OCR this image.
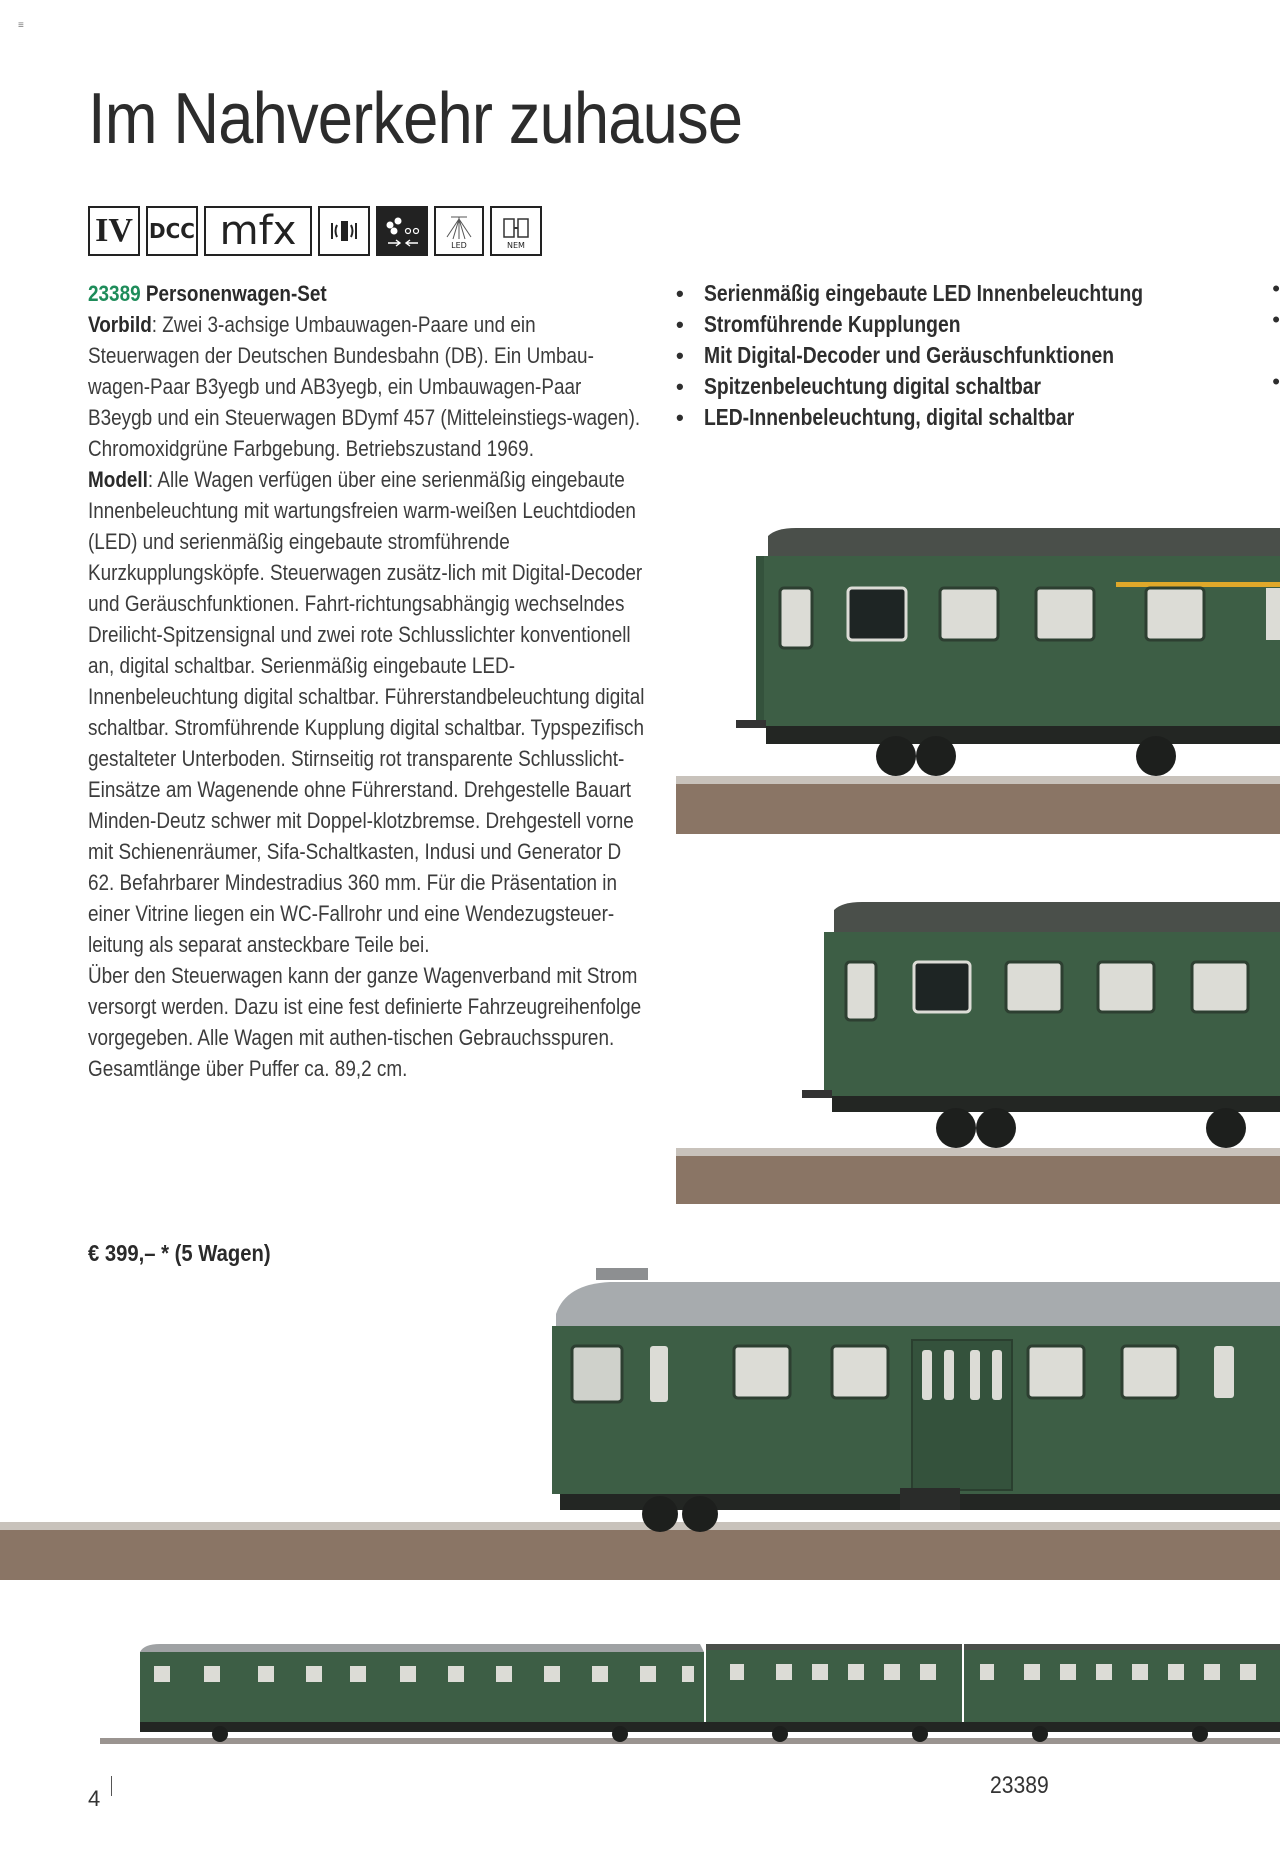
≡
Im Nahverkehr zuhause
IV DCC mfx	LED	NEM

23389 Personenwagen-Set

Vorbild: Zwei 3-achsige Umbauwagen-Paare und ein Steuerwagen der Deutschen Bundesbahn (DB). Ein Umbau-wagen-Paar B3yegb und AB3yegb, ein Umbauwagen-Paar B3eygb und ein Steuerwagen BDymf 457 (Mitteleinstiegs-wagen). Chromoxidgrüne Farbgebung. Betriebszustand 1969.

Modell: Alle Wagen verfügen über eine serienmäßig eingebaute Innenbeleuchtung mit wartungsfreien warm-weißen Leuchtdioden (LED) und serienmäßig eingebaute stromführende Kurzkupplungsköpfe. Steuerwagen zusätz-lich mit Digital-Decoder und Geräuschfunktionen. Fahrt-richtungsabhängig wechselndes Dreilicht-Spitzensignal und zwei rote Schlusslichter konventionell an, digital schaltbar. Serienmäßig eingebaute LED-Innenbeleuchtung digital schaltbar. Führerstandbeleuchtung digital schaltbar. Stromführende Kupplung digital schaltbar. Typspezifisch gestalteter Unterboden. Stirnseitig rot transparente Schlusslicht-Einsätze am Wagenende ohne Führerstand. Drehgestelle Bauart Minden-Deutz schwer mit Doppel-klotzbremse. Drehgestell vorne mit Schienenräumer, Sifa-Schaltkasten, Indusi und Generator D 62. Befahrbarer Mindestradius 360 mm. Für die Präsentation in einer Vitrine liegen ein WC-Fallrohr und eine Wendezugsteuer-leitung als separat ansteckbare Teile bei.

Über den Steuerwagen kann der ganze Wagenverband mit Strom versorgt werden. Dazu ist eine fest definierte Fahrzeugreihenfolge vorgegeben. Alle Wagen mit authen-tischen Gebrauchsspuren.

Gesamtlänge über Puffer ca. 89,2 cm.

€ 399,– * (5 Wagen)
• Serienmäßig eingebaute LED Innenbeleuchtung
• Stromführende Kupplungen
• Mit Digital-Decoder und Geräuschfunktionen
• Spitzenbeleuchtung digital schaltbar
• LED-Innenbeleuchtung, digital schaltbar
•
•
•
4	23389
